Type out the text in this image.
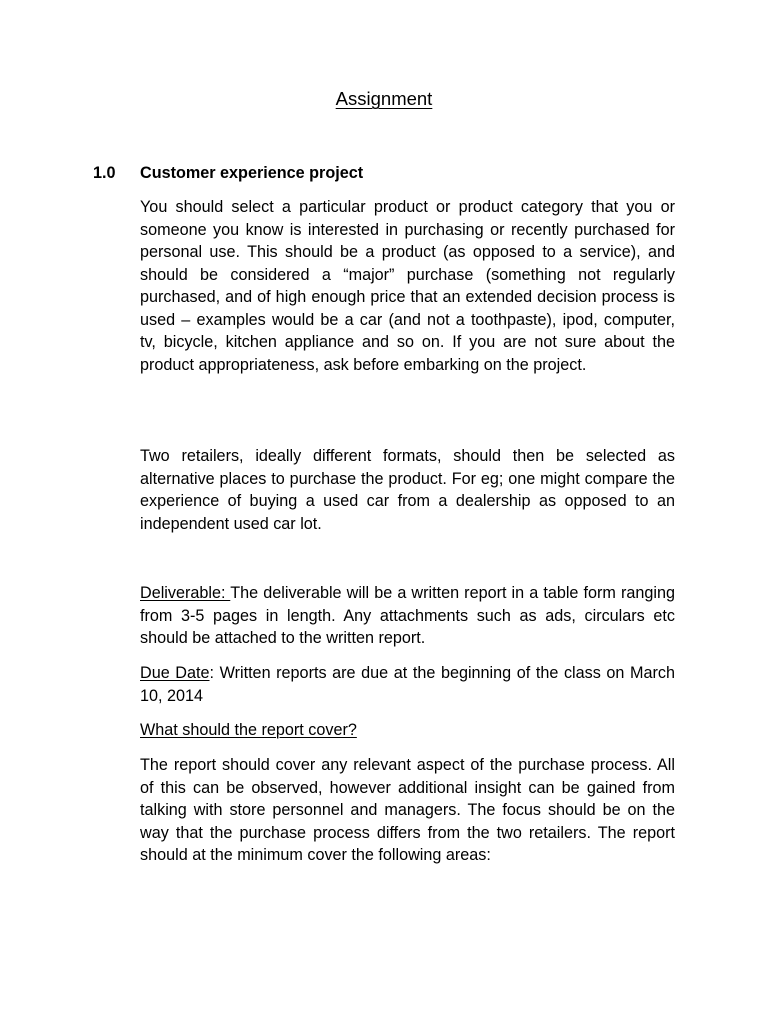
Assignment
1.0 Customer experience project

You should select a particular product or product category that you or someone you know is interested in purchasing or recently purchased for personal use. This should be a product (as opposed to a service), and should be considered a “major” purchase (something not regularly purchased, and of high enough price that an extended decision process is used – examples would be a car (and not a toothpaste), ipod, computer, tv, bicycle, kitchen appliance and so on. If you are not sure about the product appropriateness, ask before embarking on the project.

Two retailers, ideally different formats, should then be selected as alternative places to purchase the product. For eg; one might compare the experience of buying a used car from a dealership as opposed to an independent used car lot.

Deliverable: The deliverable will be a written report in a table form ranging from 3-5 pages in length. Any attachments such as ads, circulars etc should be attached to the written report.

Due Date: Written reports are due at the beginning of the class on March 10, 2014

What should the report cover?

The report should cover any relevant aspect of the purchase process. All of this can be observed, however additional insight can be gained from talking with store personnel and managers. The focus should be on the way that the purchase process differs from the two retailers. The report should at the minimum cover the following areas:
